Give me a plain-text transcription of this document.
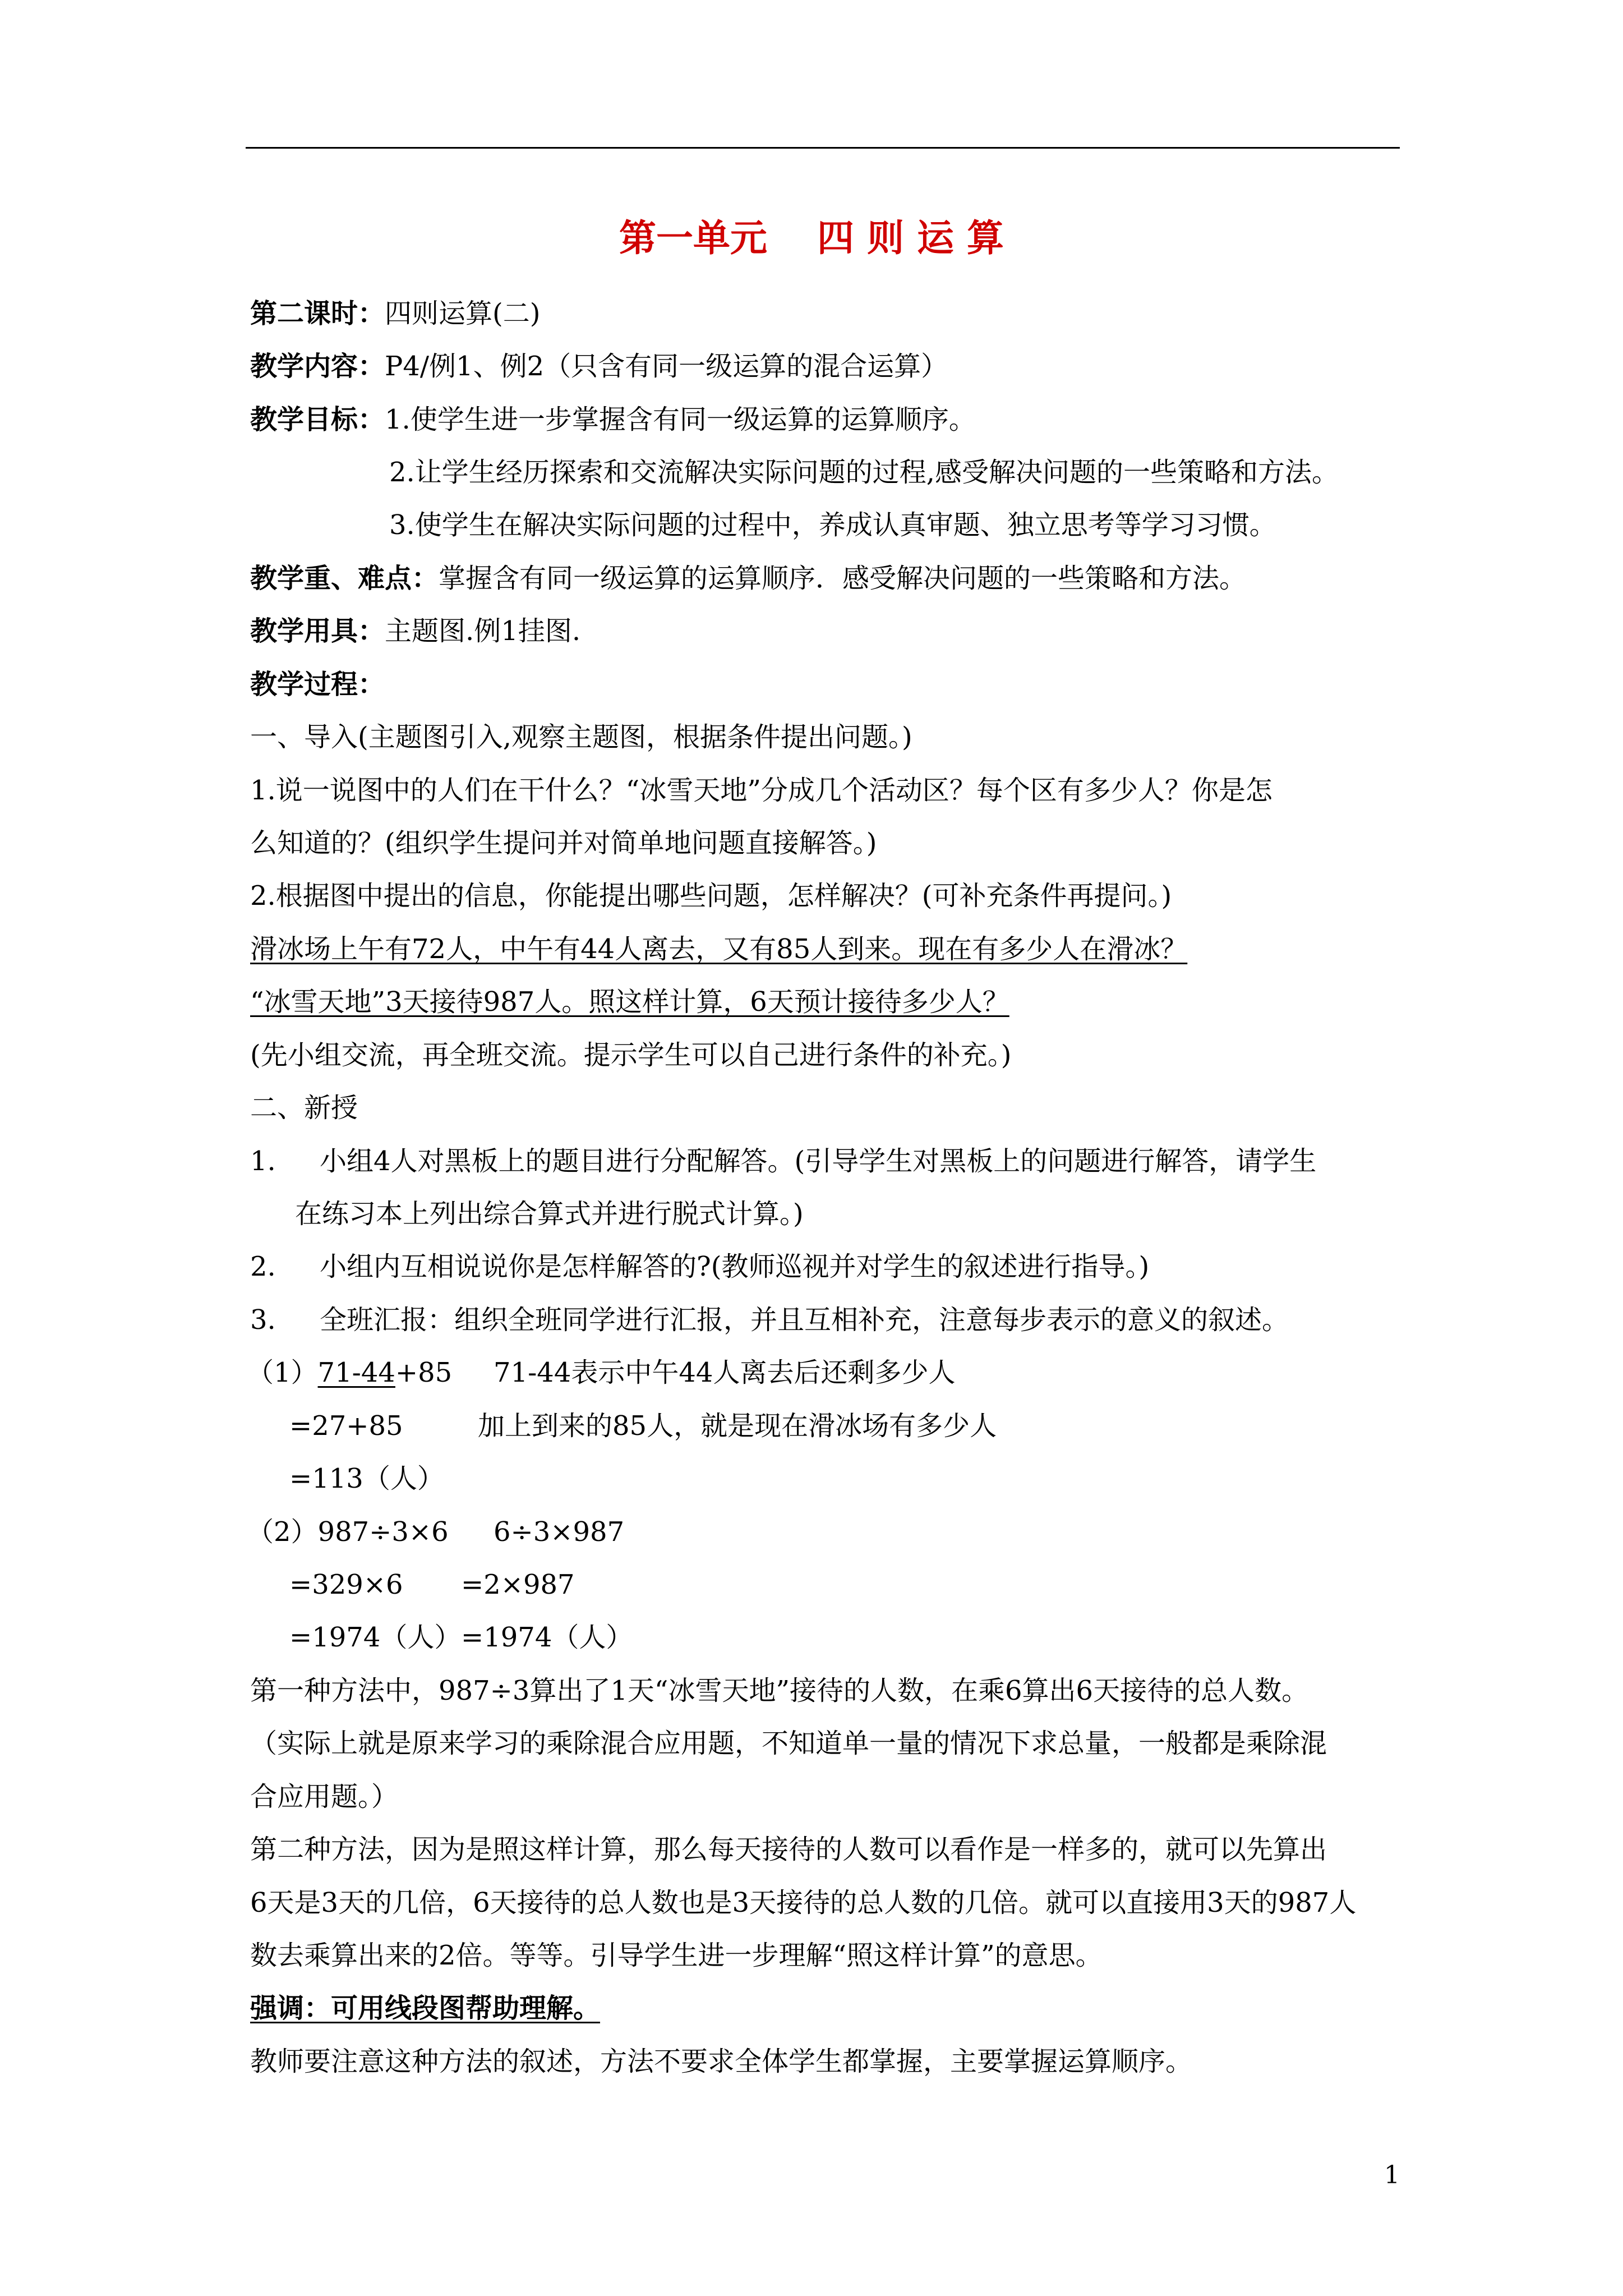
第一单元　 四 则 运 算
第二课时：四则运算(二)
教学内容：P4/例1、例2（只含有同一级运算的混合运算）
教学目标：1.使学生进一步掌握含有同一级运算的运算顺序。
2.让学生经历探索和交流解决实际问题的过程,感受解决问题的一些策略和方法。
3.使学生在解决实际问题的过程中，养成认真审题、独立思考等学习习惯。
教学重、难点：掌握含有同一级运算的运算顺序．感受解决问题的一些策略和方法。
教学用具：主题图.例1挂图.
教学过程：
一、导入(主题图引入,观察主题图，根据条件提出问题。)
1.说一说图中的人们在干什么？“冰雪天地”分成几个活动区？每个区有多少人？你是怎
么知道的？(组织学生提问并对简单地问题直接解答。)
2.根据图中提出的信息，你能提出哪些问题，怎样解决？(可补充条件再提问。)
滑冰场上午有72人，中午有44人离去，又有85人到来。现在有多少人在滑冰？
“冰雪天地”3天接待987人。照这样计算，6天预计接待多少人？
(先小组交流，再全班交流。提示学生可以自己进行条件的补充。)
二、新授
1. 小组4人对黑板上的题目进行分配解答。(引导学生对黑板上的问题进行解答，请学生
在练习本上列出综合算式并进行脱式计算。)
2. 小组内互相说说你是怎样解答的?(教师巡视并对学生的叙述进行指导。)
3. 全班汇报：组织全班同学进行汇报，并且互相补充，注意每步表示的意义的叙述。
（1）71-44+85 71-44表示中午44人离去后还剩多少人
=27+85	加上到来的85人，就是现在滑冰场有多少人
=113（人）
（2）987÷3×6 6÷3×987
=329×6 =2×987
=1974（人） =1974（人）
第一种方法中，987÷3算出了1天“冰雪天地”接待的人数，在乘6算出6天接待的总人数。
（实际上就是原来学习的乘除混合应用题，不知道单一量的情况下求总量，一般都是乘除混
合应用题。）
第二种方法，因为是照这样计算，那么每天接待的人数可以看作是一样多的，就可以先算出
6天是3天的几倍，6天接待的总人数也是3天接待的总人数的几倍。就可以直接用3天的987人
数去乘算出来的2倍。等等。引导学生进一步理解“照这样计算”的意思。
强调：可用线段图帮助理解。
教师要注意这种方法的叙述，方法不要求全体学生都掌握，主要掌握运算顺序。
1
